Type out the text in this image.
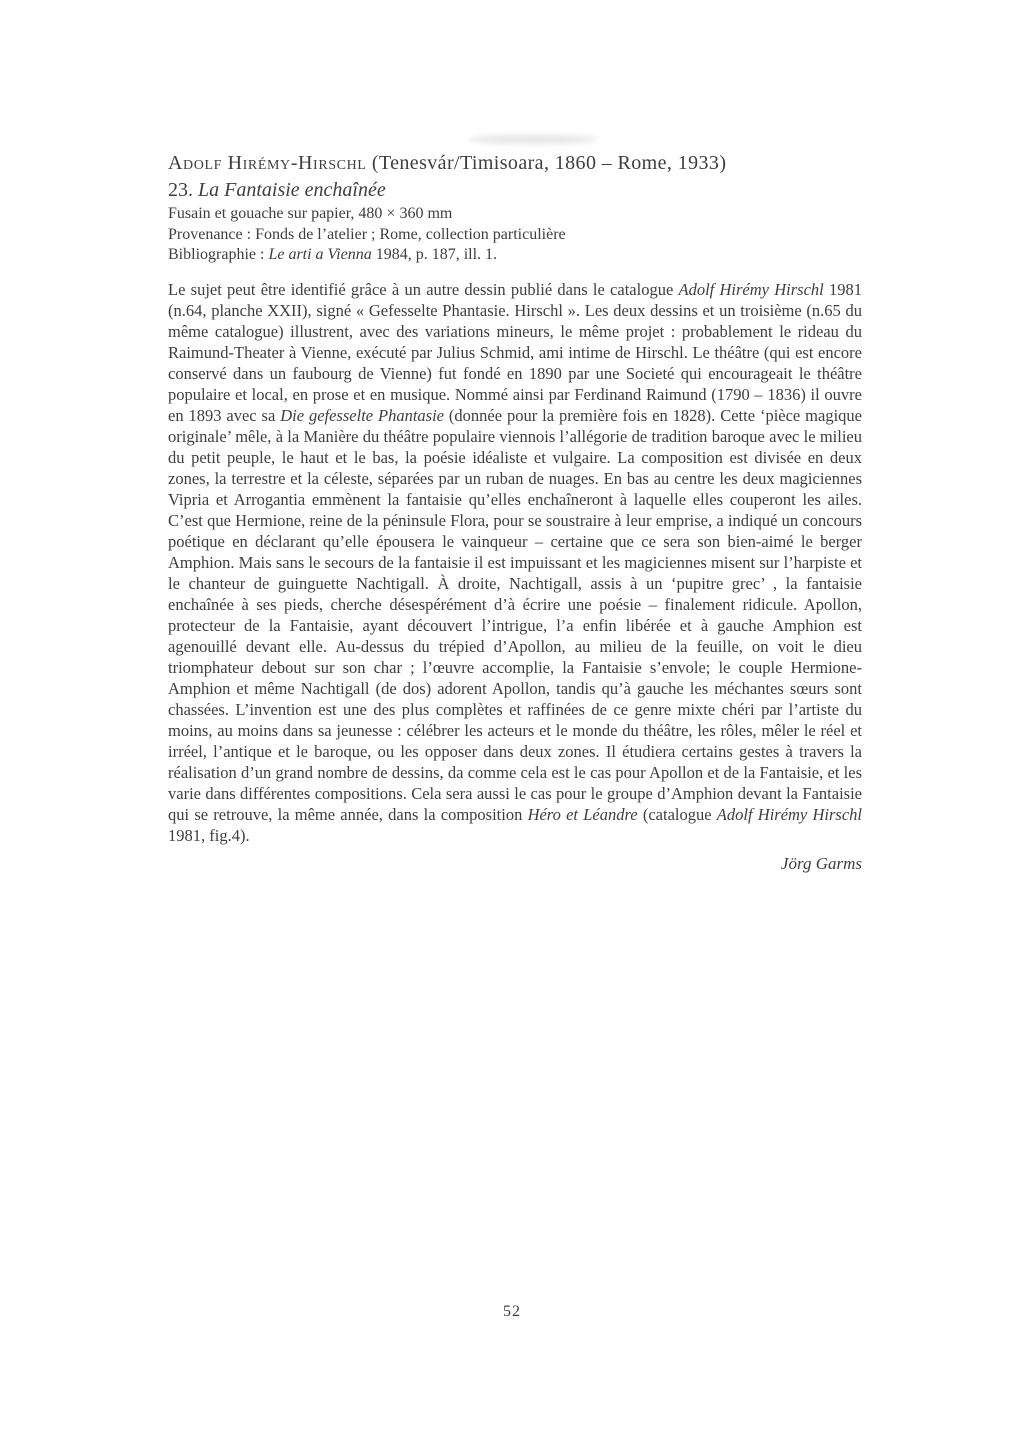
Adolf Hirémy-Hirschl (Tenesvár/Timisoara, 1860 – Rome, 1933)
23. La Fantaisie enchaînée
Fusain et gouache sur papier, 480 × 360 mm
Provenance : Fonds de l’atelier ; Rome, collection particulière
Bibliographie : Le arti a Vienna 1984, p. 187, ill. 1.

Le sujet peut être identifié grâce à un autre dessin publié dans le catalogue Adolf Hirémy Hirschl 1981 (n.64, planche XXII), signé « Gefesselte Phantasie. Hirschl ». Les deux dessins et un troisième (n.65 du même catalogue) illustrent, avec des variations mineurs, le même projet : probablement le rideau du Raimund-Theater à Vienne, exécuté par Julius Schmid, ami intime de Hirschl. Le théâtre (qui est encore conservé dans un faubourg de Vienne) fut fondé en 1890 par une Societé qui encourageait le théâtre populaire et local, en prose et en musique. Nommé ainsi par Ferdinand Raimund (1790 – 1836) il ouvre en 1893 avec sa Die gefesselte Phantasie (donnée pour la première fois en 1828). Cette ‘pièce magique originale’ mêle, à la Manière du théâtre populaire viennois l’allégorie de tradition baroque avec le milieu du petit peuple, le haut et le bas, la poésie idéaliste et vulgaire. La composition est divisée en deux zones, la terrestre et la céleste, séparées par un ruban de nuages. En bas au centre les deux magiciennes Vipria et Arrogantia emmènent la fantaisie qu’elles enchaîneront à laquelle elles couperont les ailes. C’est que Hermione, reine de la péninsule Flora, pour se soustraire à leur emprise, a indiqué un concours poétique en déclarant qu’elle épousera le vainqueur – certaine que ce sera son bien-aimé le berger Amphion. Mais sans le secours de la fantaisie il est impuissant et les magiciennes misent sur l’harpiste et le chanteur de guinguette Nachtigall. À droite, Nachtigall, assis à un ‘pupitre grec’ , la fantaisie enchaînée à ses pieds, cherche désespérément d’à écrire une poésie – finalement ridicule. Apollon, protecteur de la Fantaisie, ayant découvert l’intrigue, l’a enfin libérée et à gauche Amphion est agenouillé devant elle. Au-dessus du trépied d’Apollon, au milieu de la feuille, on voit le dieu triomphateur debout sur son char ; l’œuvre accomplie, la Fantaisie s’envole; le couple Hermione-Amphion et même Nachtigall (de dos) adorent Apollon, tandis qu’à gauche les méchantes sœurs sont chassées. L’invention est une des plus complètes et raffinées de ce genre mixte chéri par l’artiste du moins, au moins dans sa jeunesse : célébrer les acteurs et le monde du théâtre, les rôles, mêler le réel et irréel, l’antique et le baroque, ou les opposer dans deux zones. Il étudiera certains gestes à travers la réalisation d’un grand nombre de dessins, da comme cela est le cas pour Apollon et de la Fantaisie, et les varie dans différentes compositions. Cela sera aussi le cas pour le groupe d’Amphion devant la Fantaisie qui se retrouve, la même année, dans la composition Héro et Léandre (catalogue Adolf Hirémy Hirschl 1981, fig.4).

Jörg Garms
52
